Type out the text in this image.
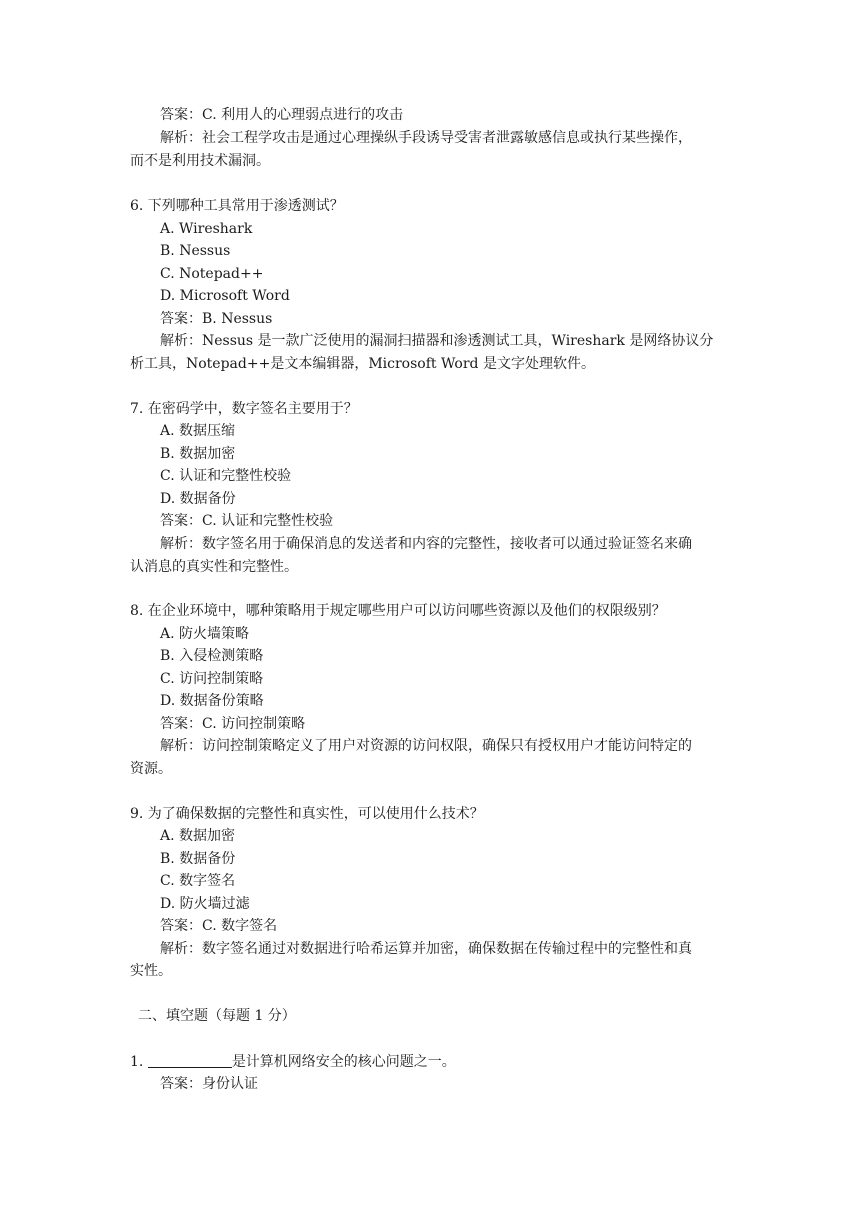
答案：C. 利用人的心理弱点进行的攻击
解析：社会工程学攻击是通过心理操纵手段诱导受害者泄露敏感信息或执行某些操作，
而不是利用技术漏洞。
6. 下列哪种工具常用于渗透测试？
A. Wireshark
B. Nessus
C. Notepad++
D. Microsoft Word
答案：B. Nessus
解析：Nessus 是一款广泛使用的漏洞扫描器和渗透测试工具，Wireshark 是网络协议分
析工具，Notepad++是文本编辑器，Microsoft Word 是文字处理软件。
7. 在密码学中，数字签名主要用于？
A. 数据压缩
B. 数据加密
C. 认证和完整性校验
D. 数据备份
答案：C. 认证和完整性校验
解析：数字签名用于确保消息的发送者和内容的完整性，接收者可以通过验证签名来确
认消息的真实性和完整性。
8. 在企业环境中，哪种策略用于规定哪些用户可以访问哪些资源以及他们的权限级别？
A. 防火墙策略
B. 入侵检测策略
C. 访问控制策略
D. 数据备份策略
答案：C. 访问控制策略
解析：访问控制策略定义了用户对资源的访问权限，确保只有授权用户才能访问特定的
资源。
9. 为了确保数据的完整性和真实性，可以使用什么技术？
A. 数据加密
B. 数据备份
C. 数字签名
D. 防火墙过滤
答案：C. 数字签名
解析：数字签名通过对数据进行哈希运算并加密，确保数据在传输过程中的完整性和真
实性。
二、填空题（每题 1 分）
1.	是计算机网络安全的核心问题之一。
答案：身份认证
